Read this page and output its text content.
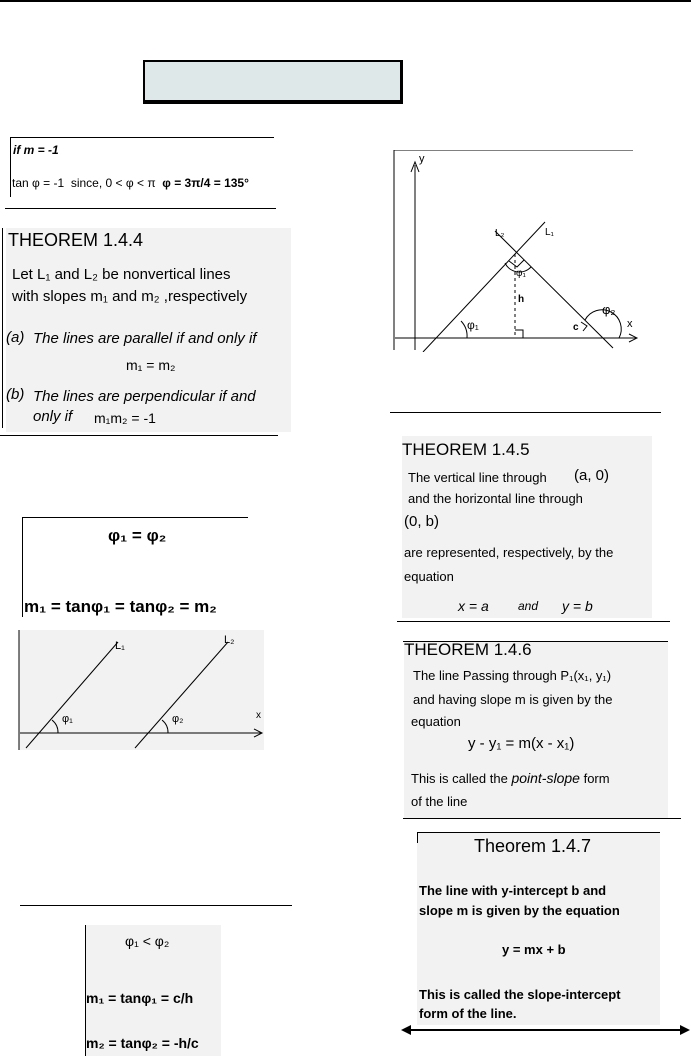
if m = -1
tan φ = -1 since, 0 < φ < π φ = 3π/4 = 135°
THEOREM 1.4.4
Let L₁ and L₂ be nonvertical lines
with slopes m₁ and m₂ ,respectively
(a) The lines are parallel if and only if
m₁ = m₂
(b) The lines are perpendicular if and
only if m₁m₂ = -1
φ₁ = φ₂
m₁ = tanφ₁ = tanφ₂ = m₂
L₁	L₂
φ₁	φ₂	x
φ₁ < φ₂
m₁ = tanφ₁ = c/h
m₂ = tanφ₂ = -h/c
y
x
L₁
L₂
φ₁
h
φ₁	c
φ₂
THEOREM 1.4.5
The vertical line through (a, 0)
and the horizontal line through
(0, b)
are represented, respectively, by the
equation
x = a and y = b
THEOREM 1.4.6
The line Passing through P₁(x₁, y₁)
and having slope m is given by the
equation
y - y₁ = m(x - x₁)
This is called the point-slope form
of the line
Theorem 1.4.7
The line with y-intercept b and
slope m is given by the equation
y = mx + b
This is called the slope-intercept
form of the line.
